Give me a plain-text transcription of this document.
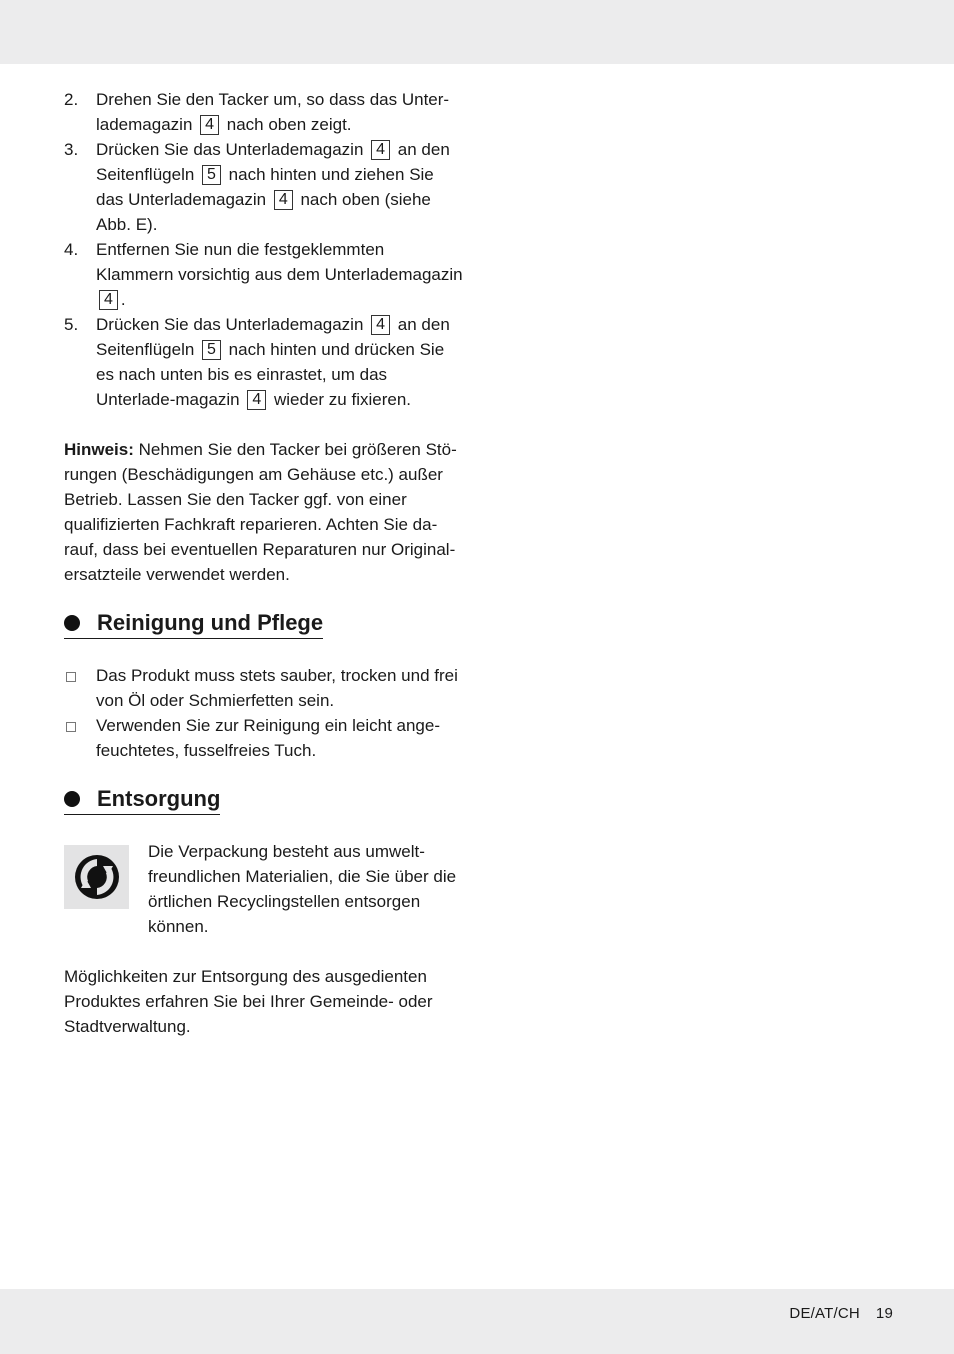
2.	Drehen Sie den Tacker um, so dass das Unter-lademagazin 4 nach oben zeigt.
3.	Drücken Sie das Unterlademagazin 4 an den Seitenflügeln 5 nach hinten und ziehen Sie das Unterlademagazin 4 nach oben (siehe Abb. E).
4.	Entfernen Sie nun die festgeklemmten Klammern vorsichtig aus dem Unterlademagazin 4 .
5.	Drücken Sie das Unterlademagazin 4 an den Seitenflügeln 5 nach hinten und drücken Sie es nach unten bis es einrastet, um das Unterlade-magazin 4 wieder zu fixieren.

Hinweis: Nehmen Sie den Tacker bei größeren Stö-rungen (Beschädigungen am Gehäuse etc.) außer Betrieb. Lassen Sie den Tacker ggf. von einer qualifizierten Fachkraft reparieren. Achten Sie da-rauf, dass bei eventuellen Reparaturen nur Original-ersatzteile verwendet werden.

Reinigung und Pflege
Das Produkt muss stets sauber, trocken und frei von Öl oder Schmierfetten sein.
Verwenden Sie zur Reinigung ein leicht ange-feuchtetes, fusselfreies Tuch.
Entsorgung

Die Verpackung besteht aus umwelt-freundlichen Materialien, die Sie über die örtlichen Recyclingstellen entsorgen können.

Möglichkeiten zur Entsorgung des ausgedienten Produktes erfahren Sie bei Ihrer Gemeinde- oder Stadtverwaltung.

DE/AT/CH 19
